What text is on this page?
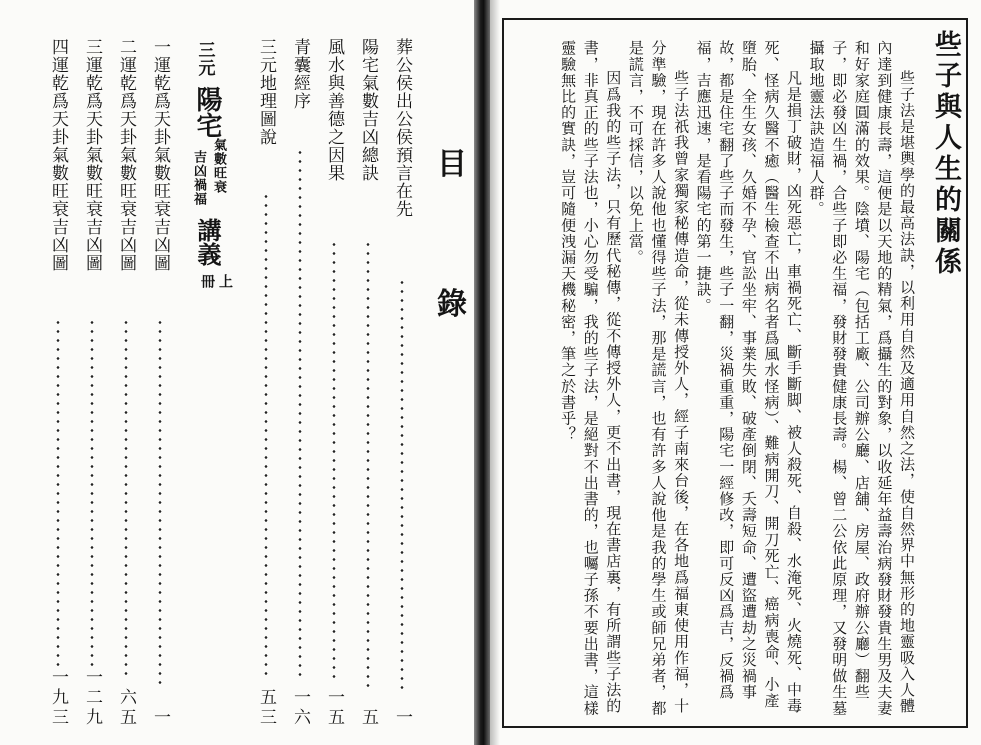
目
錄
葬公侯出公侯預言在先
一
陽宅氣數吉凶總訣
五
風水與善德之因果
一五
青囊經序
一六
三元地理圖說
五三
三
元
陽宅
氣數旺衰
吉凶禍福
講義
上冊
一運乾爲天卦氣數旺衰吉凶圖
一
二運乾爲天卦氣數旺衰吉凶圖
六五
三運乾爲天卦氣數旺衰吉凶圖
一二九
四運乾爲天卦氣數旺衰吉凶圖
一九三
些子與人生的關係

些子法是堪輿學的最高法訣，以利用自然及適用自然之法，使自然界中無形的地靈吸入人體內達到健康長壽，這便是以天地的精氣，爲攝生的對象，以收延年益壽治病發財發貴生男及夫妻和好家庭圓滿的效果。陰墳、陽宅（包括工廠、公司辦公廳、店舖、房屋、政府辦公廳）翻些子，即必發凶生禍，合些子即必生福，發財發貴健康長壽。楊、曾二公依此原理，又發明做生墓攝取地靈法訣造福人群。

凡是損丁破財，凶死惡亡，車禍死亡、斷手斷脚、被人殺死、自殺、水淹死、火燒死、中毒死、怪病久醫不癒（醫生檢查不出病名者爲風水怪病）、難病開刀、開刀死亡、癌病喪命、小產墮胎、全生女孩、久婚不孕、官訟坐牢、事業失敗、破產倒閉、夭壽短命、遭盜遭劫之災禍事故，都是住宅翻了些子而發生，些子一翻，災禍重重，陽宅一經修改，即可反凶爲吉，反禍爲福，吉應迅速，是看陽宅的第一捷訣。

些子法祇我曾家獨家秘傳造命，從未傳授外人，經子南來台後，在各地爲福東使用作福，十分準驗，現在許多人說他也懂得些子法，那是謊言，也有許多人說他是我的學生或師兄弟者，都是謊言，不可採信，以免上當。

因爲我的些子法，只有歷代秘傳，從不傳授外人，更不出書，現在書店裏，有所謂些子法的書，非真正的些子法也，小心勿受騙，我的些子法，是絕對不出書的，也囑子孫不要出書，這樣靈驗無比的實訣，豈可隨便洩漏天機秘密，筆之於書乎？
